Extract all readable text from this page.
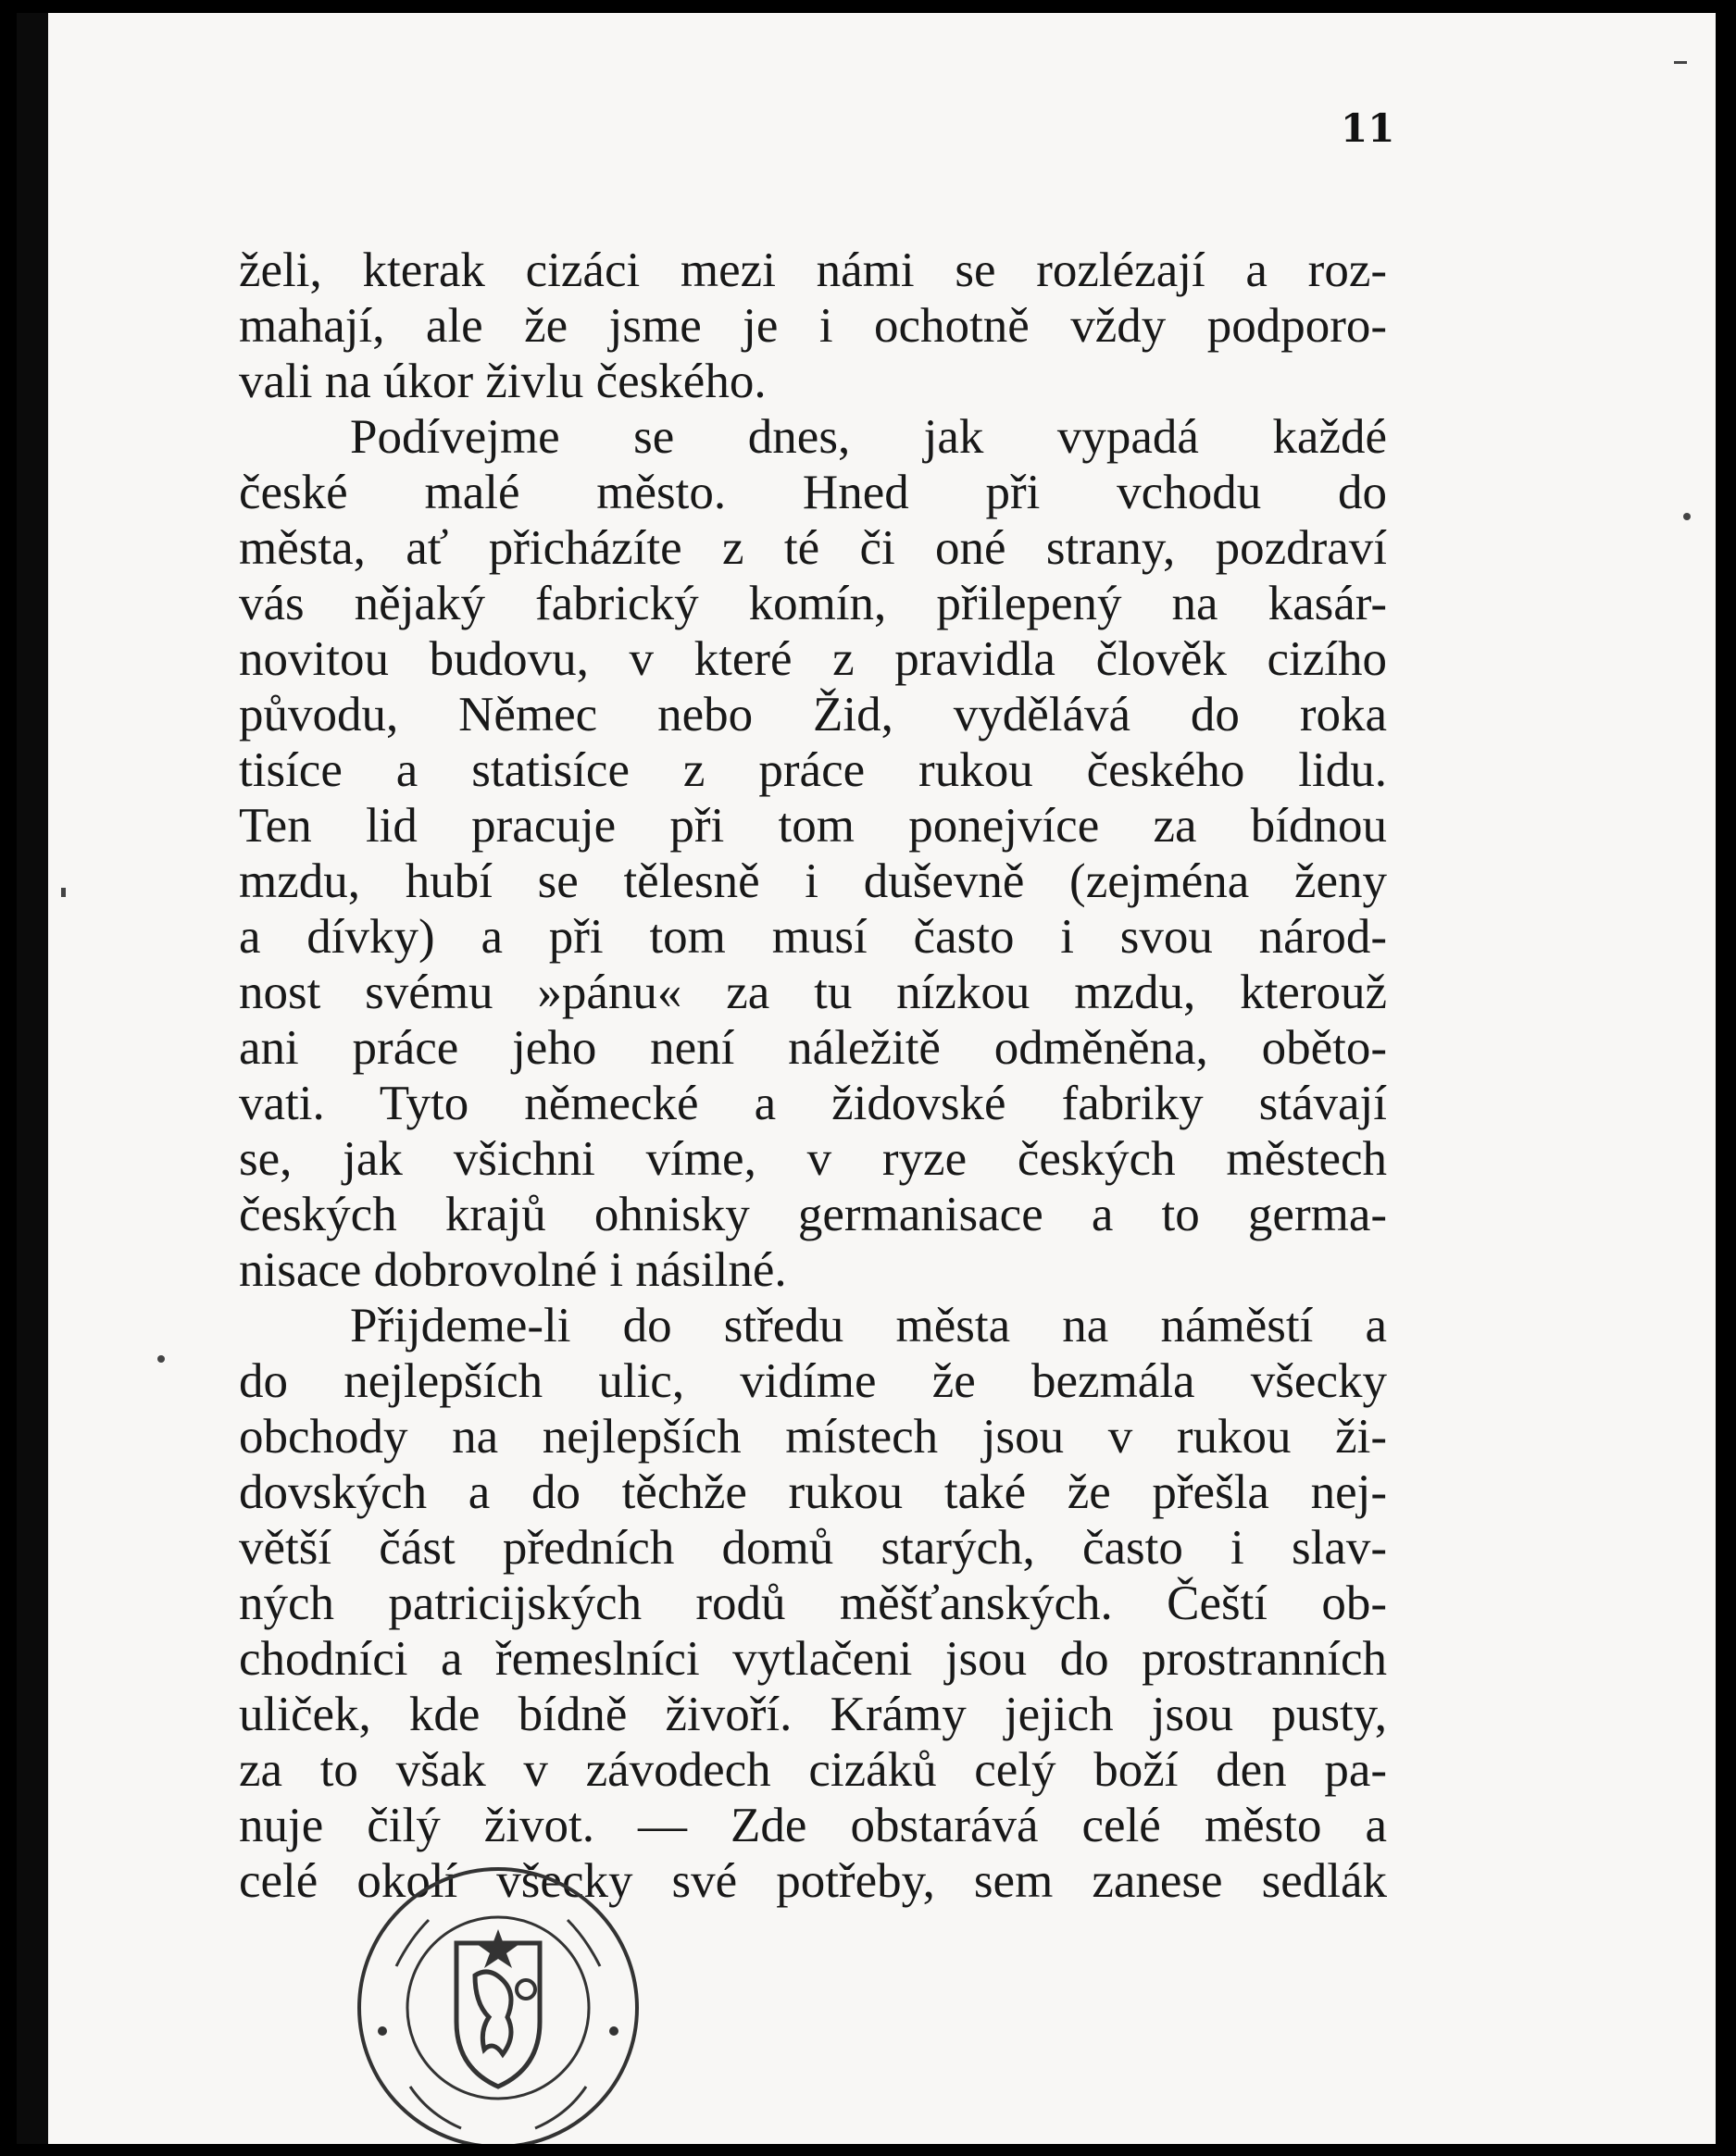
11
želi, kterak cizáci mezi námi se rozlézají a roz-
mahají, ale že jsme je i ochotně vždy podporo-
vali na úkor živlu českého.
Podívejme se dnes, jak vypadá každé
české malé město. Hned při vchodu do
města, ať přicházíte z té či oné strany, pozdraví
vás nějaký fabrický komín, přilepený na kasár-
novitou budovu, v které z pravidla člověk cizího
původu, Němec nebo Žid, vydělává do roka
tisíce a statisíce z práce rukou českého lidu.
Ten lid pracuje při tom ponejvíce za bídnou
mzdu, hubí se tělesně i duševně (zejména ženy
a dívky) a při tom musí často i svou národ-
nost svému »pánu« za tu nízkou mzdu, kterouž
ani práce jeho není náležitě odměněna, oběto-
vati. Tyto německé a židovské fabriky stávají
se, jak všichni víme, v ryze českých městech
českých krajů ohnisky germanisace a to germa-
nisace dobrovolné i násilné.
Přijdeme-li do středu města na náměstí a
do nejlepších ulic, vidíme že bezmála všecky
obchody na nejlepších místech jsou v rukou ži-
dovských a do těchže rukou také že přešla nej-
větší část předních domů starých, často i slav-
ných patricijských rodů měšťanských. Čeští ob-
chodníci a řemeslníci vytlačeni jsou do prostranních
uliček, kde bídně živoří. Krámy jejich jsou pusty,
za to však v závodech cizáků celý boží den pa-
nuje čilý život. — Zde obstarává celé město a
celé okolí všecky své potřeby, sem zanese sedlák
